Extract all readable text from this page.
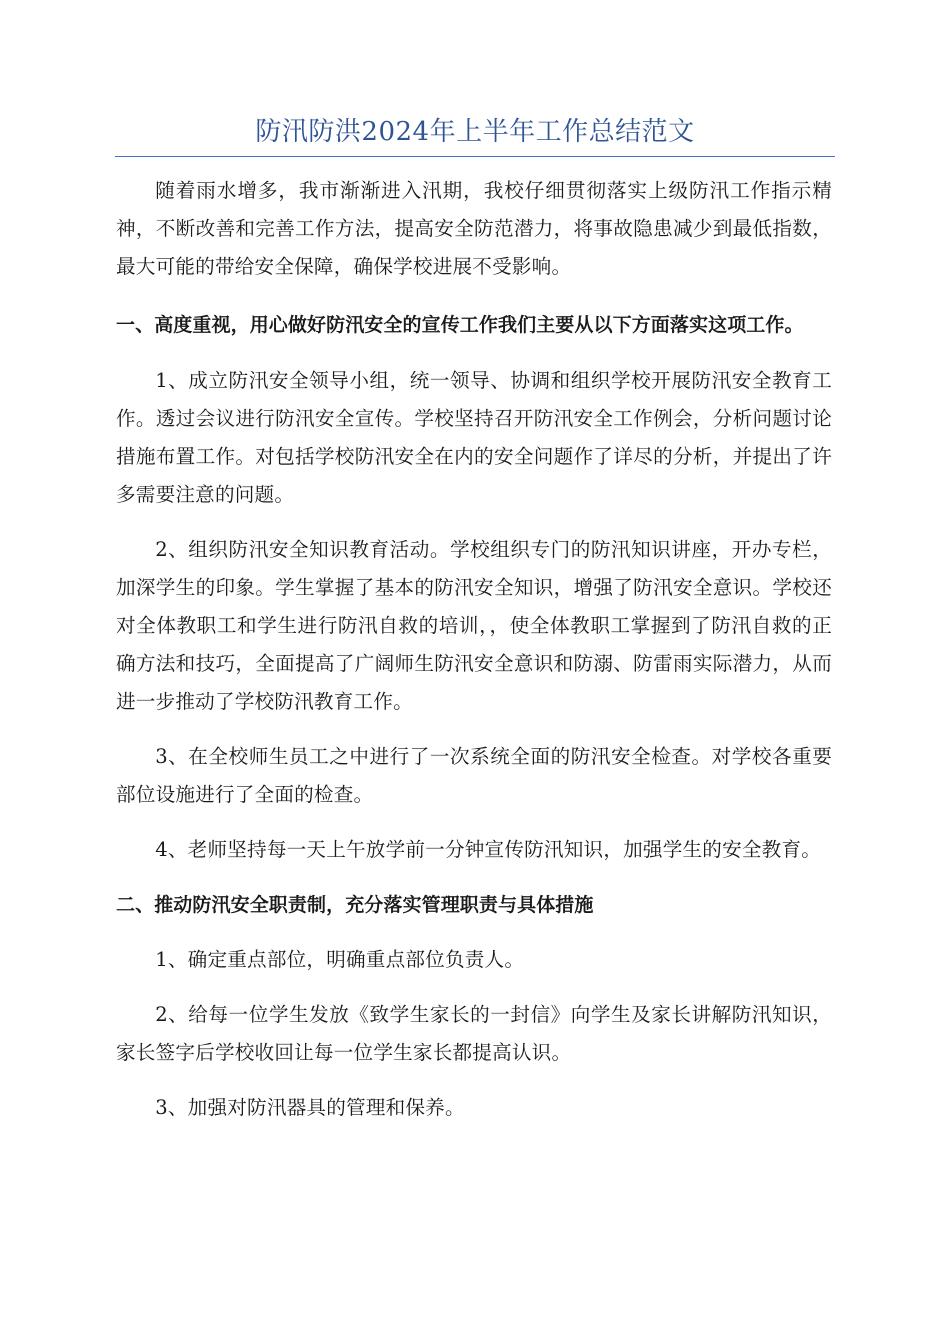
防汛防洪2024年上半年工作总结范文

随着雨水增多，我市渐渐进入汛期，我校仔细贯彻落实上级防汛工作指示精神，不断改善和完善工作方法，提高安全防范潜力，将事故隐患减少到最低指数，最大可能的带给安全保障，确保学校进展不受影响。

一、高度重视，用心做好防汛安全的宣传工作我们主要从以下方面落实这项工作。

1、成立防汛安全领导小组，统一领导、协调和组织学校开展防汛安全教育工作。透过会议进行防汛安全宣传。学校坚持召开防汛安全工作例会，分析问题讨论措施布置工作。对包括学校防汛安全在内的安全问题作了详尽的分析，并提出了许多需要注意的问题。

2、组织防汛安全知识教育活动。学校组织专门的防汛知识讲座，开办专栏，加深学生的印象。学生掌握了基本的防汛安全知识，增强了防汛安全意识。学校还对全体教职工和学生进行防汛自救的培训，，使全体教职工掌握到了防汛自救的正确方法和技巧，全面提高了广阔师生防汛安全意识和防溺、防雷雨实际潜力，从而进一步推动了学校防汛教育工作。

3、在全校师生员工之中进行了一次系统全面的防汛安全检查。对学校各重要部位设施进行了全面的检查。

4、老师坚持每一天上午放学前一分钟宣传防汛知识，加强学生的安全教育。

二、推动防汛安全职责制，充分落实管理职责与具体措施

1、确定重点部位，明确重点部位负责人。

2、给每一位学生发放《致学生家长的一封信》向学生及家长讲解防汛知识，家长签字后学校收回让每一位学生家长都提高认识。

3、加强对防汛器具的管理和保养。
